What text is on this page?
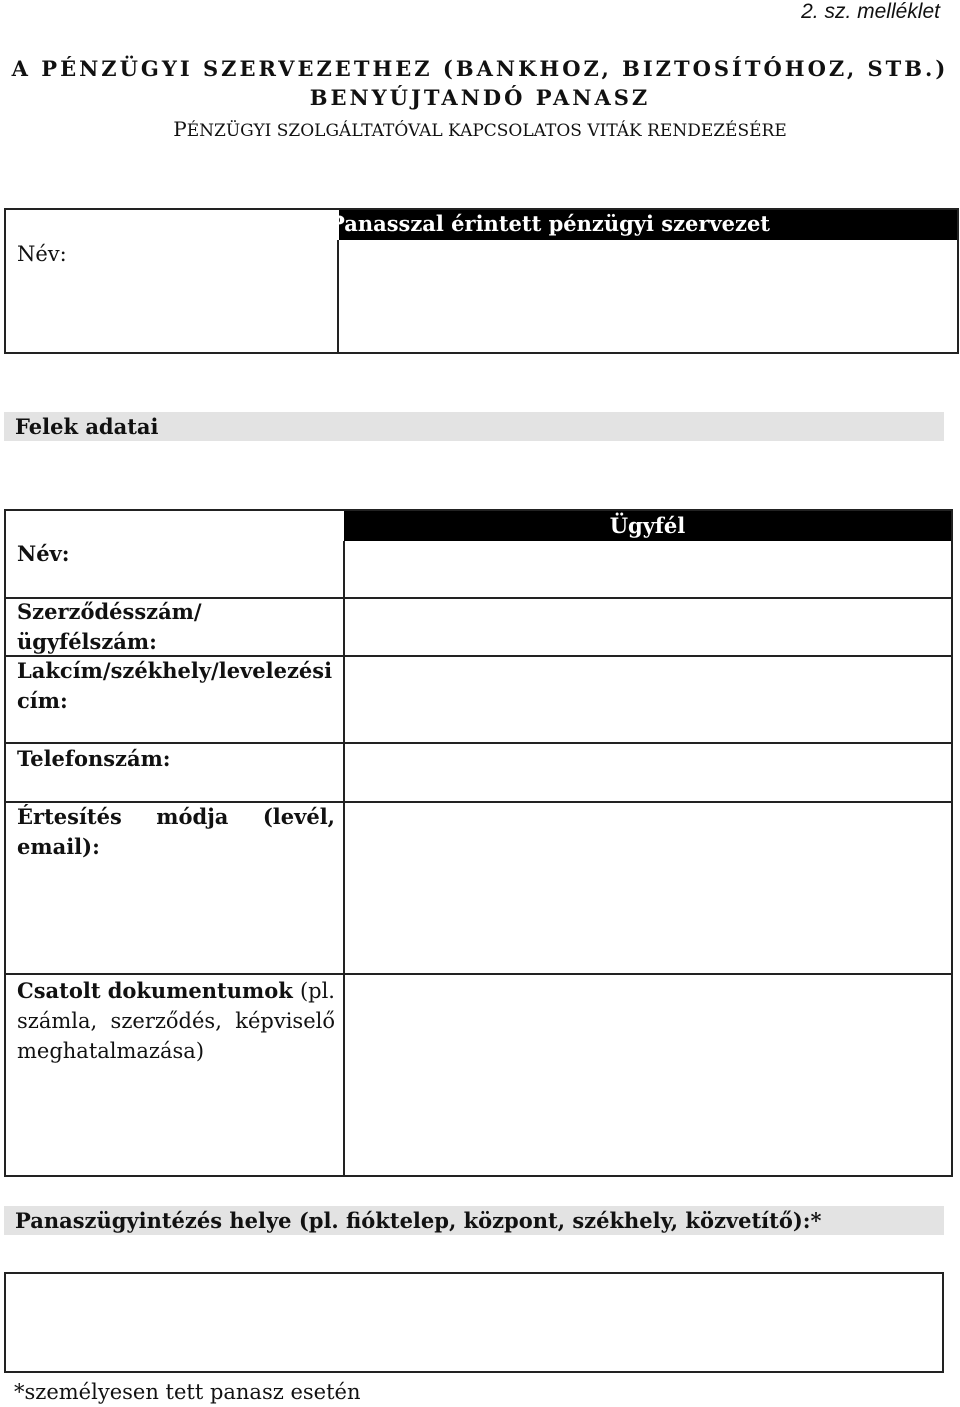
2. sz. melléklet
A PÉNZÜGYI SZERVEZETHEZ (BANKHOZ, BIZTOSÍTÓHOZ, STB.)
BENYÚJTANDÓ PANASZ
PÉNZÜGYI SZOLGÁLTATÓVAL KAPCSOLATOS VITÁK RENDEZÉSÉRE
Panasszal érintett pénzügyi szervezet
Név:
Felek adatai
Ügyfél
Név:
Szerződésszám/ügyfélszám:
Lakcím/székhely/levelezési cím:
Telefonszám:
Értesítés módja (levél,
email):
Csatolt dokumentumok (pl.
számla, szerződés, képviselő
meghatalmazása)
Panaszügyintézés helye (pl. fióktelep, központ, székhely, közvetítő):*
*személyesen tett panasz esetén
